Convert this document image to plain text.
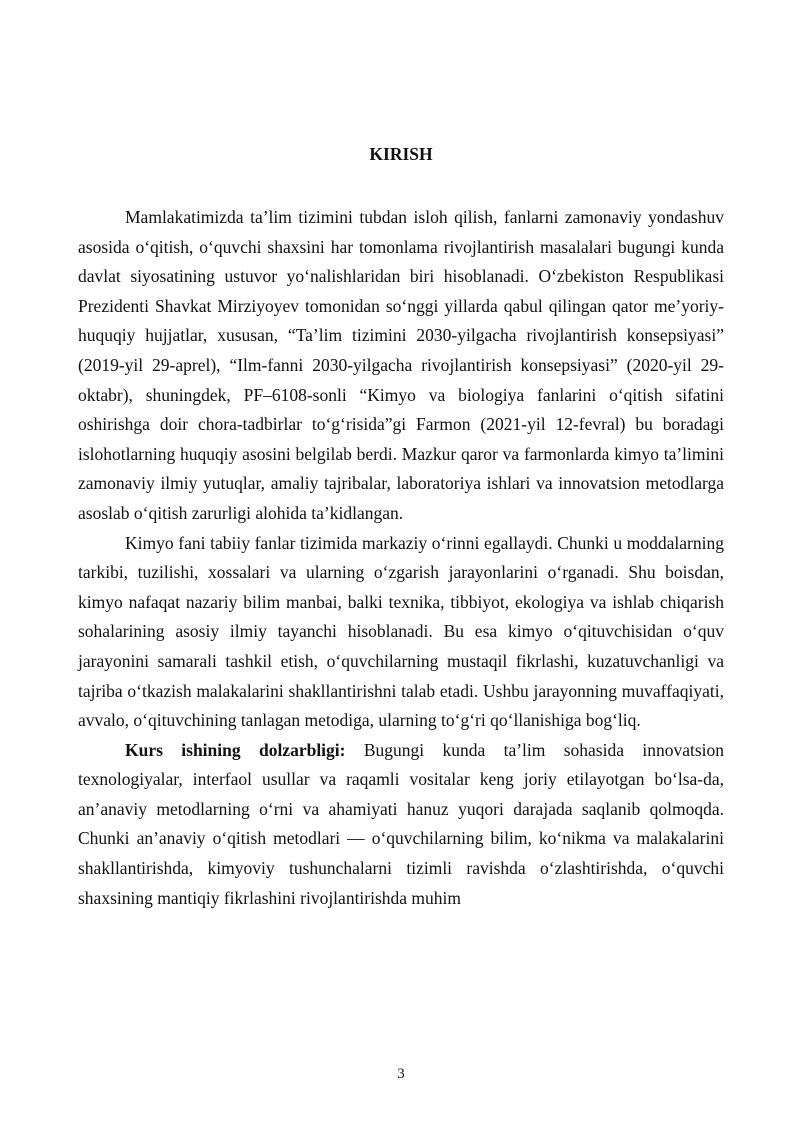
KIRISH

Mamlakatimizda ta’lim tizimini tubdan isloh qilish, fanlarni zamonaviy yondashuv asosida o‘qitish, o‘quvchi shaxsini har tomonlama rivojlantirish masalalari bugungi kunda davlat siyosatining ustuvor yo‘nalishlaridan biri hisoblanadi. O‘zbekiston Respublikasi Prezidenti Shavkat Mirziyoyev tomonidan so‘nggi yillarda qabul qilingan qator me’yoriy-huquqiy hujjatlar, xususan, “Ta’lim tizimini 2030-yilgacha rivojlantirish konsepsiyasi” (2019-yil 29-aprel), “Ilm-fanni 2030-yilgacha rivojlantirish konsepsiyasi” (2020-yil 29-oktabr), shuningdek, PF–6108-sonli “Kimyo va biologiya fanlarini o‘qitish sifatini oshirishga doir chora-tadbirlar to‘g‘risida”gi Farmon (2021-yil 12-fevral) bu boradagi islohotlarning huquqiy asosini belgilab berdi. Mazkur qaror va farmonlarda kimyo ta’limini zamonaviy ilmiy yutuqlar, amaliy tajribalar, laboratoriya ishlari va innovatsion metodlarga asoslab o‘qitish zarurligi alohida ta’kidlangan.

Kimyo fani tabiiy fanlar tizimida markaziy o‘rinni egallaydi. Chunki u moddalarning tarkibi, tuzilishi, xossalari va ularning o‘zgarish jarayonlarini o‘rganadi. Shu boisdan, kimyo nafaqat nazariy bilim manbai, balki texnika, tibbiyot, ekologiya va ishlab chiqarish sohalarining asosiy ilmiy tayanchi hisoblanadi. Bu esa kimyo o‘qituvchisidan o‘quv jarayonini samarali tashkil etish, o‘quvchilarning mustaqil fikrlashi, kuzatuvchanligi va tajriba o‘tkazish malakalarini shakllantirishni talab etadi. Ushbu jarayonning muvaffaqiyati, avvalo, o‘qituvchining tanlagan metodiga, ularning to‘g‘ri qo‘llanishiga bog‘liq.

Kurs ishining dolzarbligi: Bugungi kunda ta’lim sohasida innovatsion texnologiyalar, interfaol usullar va raqamli vositalar keng joriy etilayotgan bo‘lsa-da, an’anaviy metodlarning o‘rni va ahamiyati hanuz yuqori darajada saqlanib qolmoqda. Chunki an’anaviy o‘qitish metodlari — o‘quvchilarning bilim, ko‘nikma va malakalarini shakllantirishda, kimyoviy tushunchalarni tizimli ravishda o‘zlashtirishda, o‘quvchi shaxsining mantiqiy fikrlashini rivojlantirishda muhim

3
